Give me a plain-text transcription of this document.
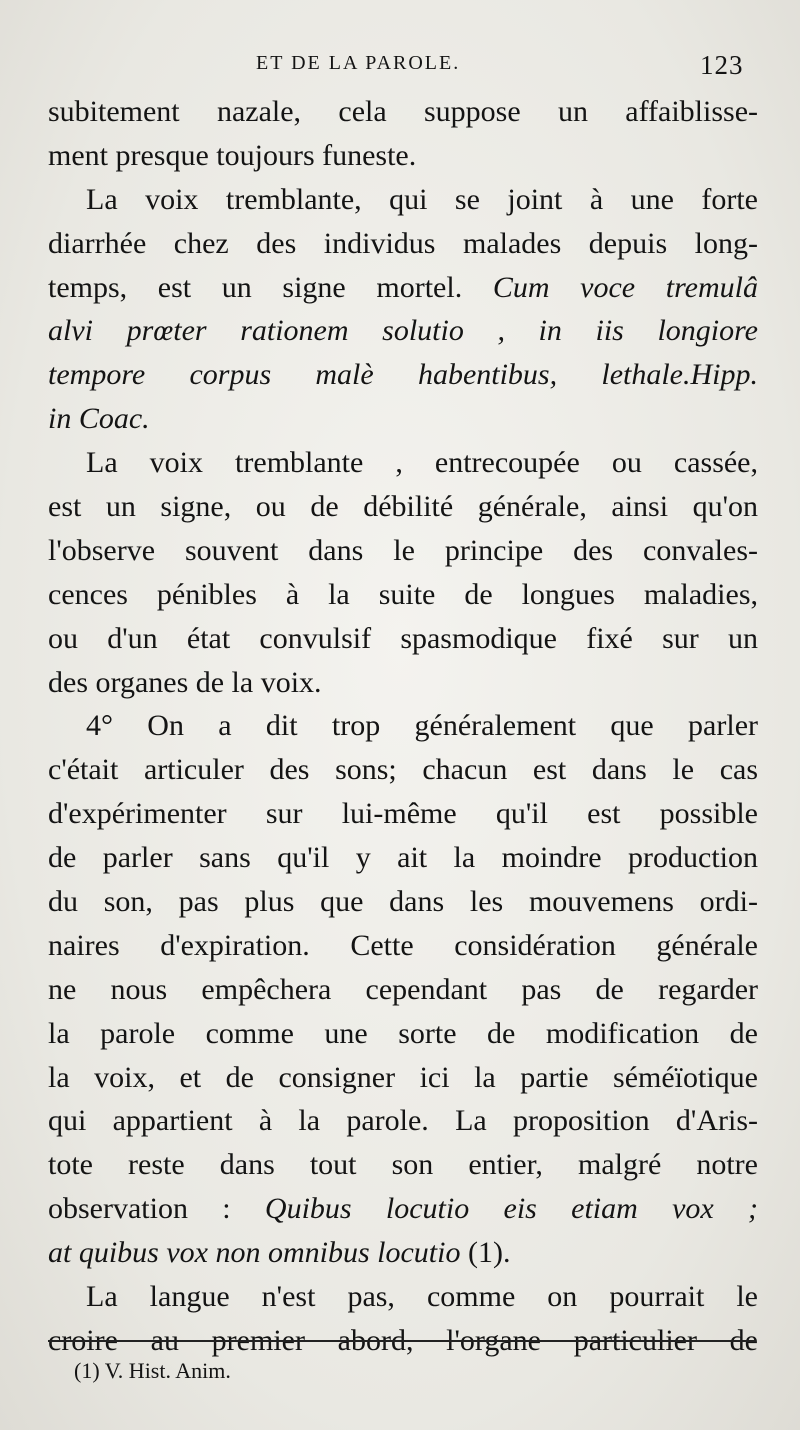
ET DE LA PAROLE.	123
subitement nazale, cela suppose un affaiblisse-
ment presque toujours funeste.
La voix tremblante, qui se joint à une forte
diarrhée chez des individus malades depuis long-
temps, est un signe mortel. Cum voce tremulâ
alvi prœter rationem solutio , in iis longiore
tempore corpus malè habentibus, lethale.Hipp.
in Coac.
La voix tremblante , entrecoupée ou cassée,
est un signe, ou de débilité générale, ainsi qu'on
l'observe souvent dans le principe des convales-
cences pénibles à la suite de longues maladies,
ou d'un état convulsif spasmodique fixé sur un
des organes de la voix.
4° On a dit trop généralement que parler
c'était articuler des sons; chacun est dans le cas
d'expérimenter sur lui-même qu'il est possible
de parler sans qu'il y ait la moindre production
du son, pas plus que dans les mouvemens ordi-
naires d'expiration. Cette considération générale
ne nous empêchera cependant pas de regarder
la parole comme une sorte de modification de
la voix, et de consigner ici la partie séméïotique
qui appartient à la parole. La proposition d'Aris-
tote reste dans tout son entier, malgré notre
observation : Quibus locutio eis etiam vox ;
at quibus vox non omnibus locutio (1).
La langue n'est pas, comme on pourrait le
croire au premier abord, l'organe particulier de
(1) V. Hist. Anim.
